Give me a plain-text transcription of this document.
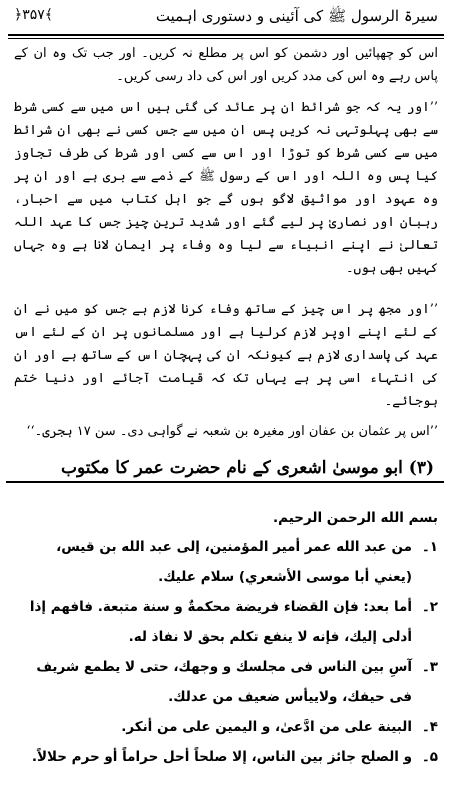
سیرۃ الرسول ﷺ کی آئینی و دستوری اہمیت
﴿۳۵۷﴾
اس کو چھپائیں اور دشمن کو اس پر مطلع نہ کریں۔ اور جب تک وہ ان کے پاس رہے وہ اس کی مدد کریں اور اس کی داد رسی کریں۔
’’اور یہ کہ جو شرائط ان پر عائد کی گئی ہیں اس میں سے کسی شرط سے بھی پہلوتہی نہ کریں پس ان میں سے جس کسی نے بھی ان شرائط میں سے کسی شرط کو توڑا اور اس سے کسی اور شرط کی طرف تجاوز کیا پس وہ اللہ اور اس کے رسول ﷺ کے ذمے سے بری ہے اور ان پر وہ عہود اور مواثیق لاگو ہوں گے جو اہل کتاب میں سے احبار، رہبان اور نصاریٰ پر لیے گئے اور شدید ترین چیز جس کا عہد اللہ تعالیٰ نے اپنے انبیاء سے لیا وہ وفاء پر ایمان لانا ہے وہ جہاں کہیں بھی ہوں۔
’’اور مجھ پر اس چیز کے ساتھ وفاء کرنا لازم ہے جس کو میں نے ان کے لئے اپنے اوپر لازم کرلیا ہے اور مسلمانوں پر ان کے لئے اس عہد کی پاسداری لازم ہے کیونکہ ان کی پہچان اس کے ساتھ ہے اور ان کی انتہاء اسی پر ہے یہاں تک کہ قیامت آجائے اور دنیا ختم ہوجائے۔
’’اس پر عثمان بن عفان اور مغیرہ بن شعبہ نے گواہی دی۔ سن ۱۷ ہجری۔‘‘
(۳) ابو موسیٰ اشعری کے نام حضرت عمر کا مکتوب
بسم الله الرحمن الرحيم.
۱۔
من عبد الله عمر أمير المؤمنين، إلى عبد الله بن قيس، (يعني أبا موسى الأشعري) سلام عليك.
۲۔
أما بعد: فإن القضاء فريضة محكمةٌ و سنة متبعة. فافهم إذا أدلى إليك، فإنه لا ينفع تكلم بحق لا نفاذ له.
۳۔
آسِ بين الناس فى مجلسك و وجهك، حتى لا يطمع شريف فى حيفك، ولاييأس ضعيف من عدلك.
۴۔
البينة على من ادَّعىٰ، و اليمين على من أنكر.
۵۔
و الصلح جائز بين الناس، إلا صلحاً أحل حراماً أو حرم حلالاً.
